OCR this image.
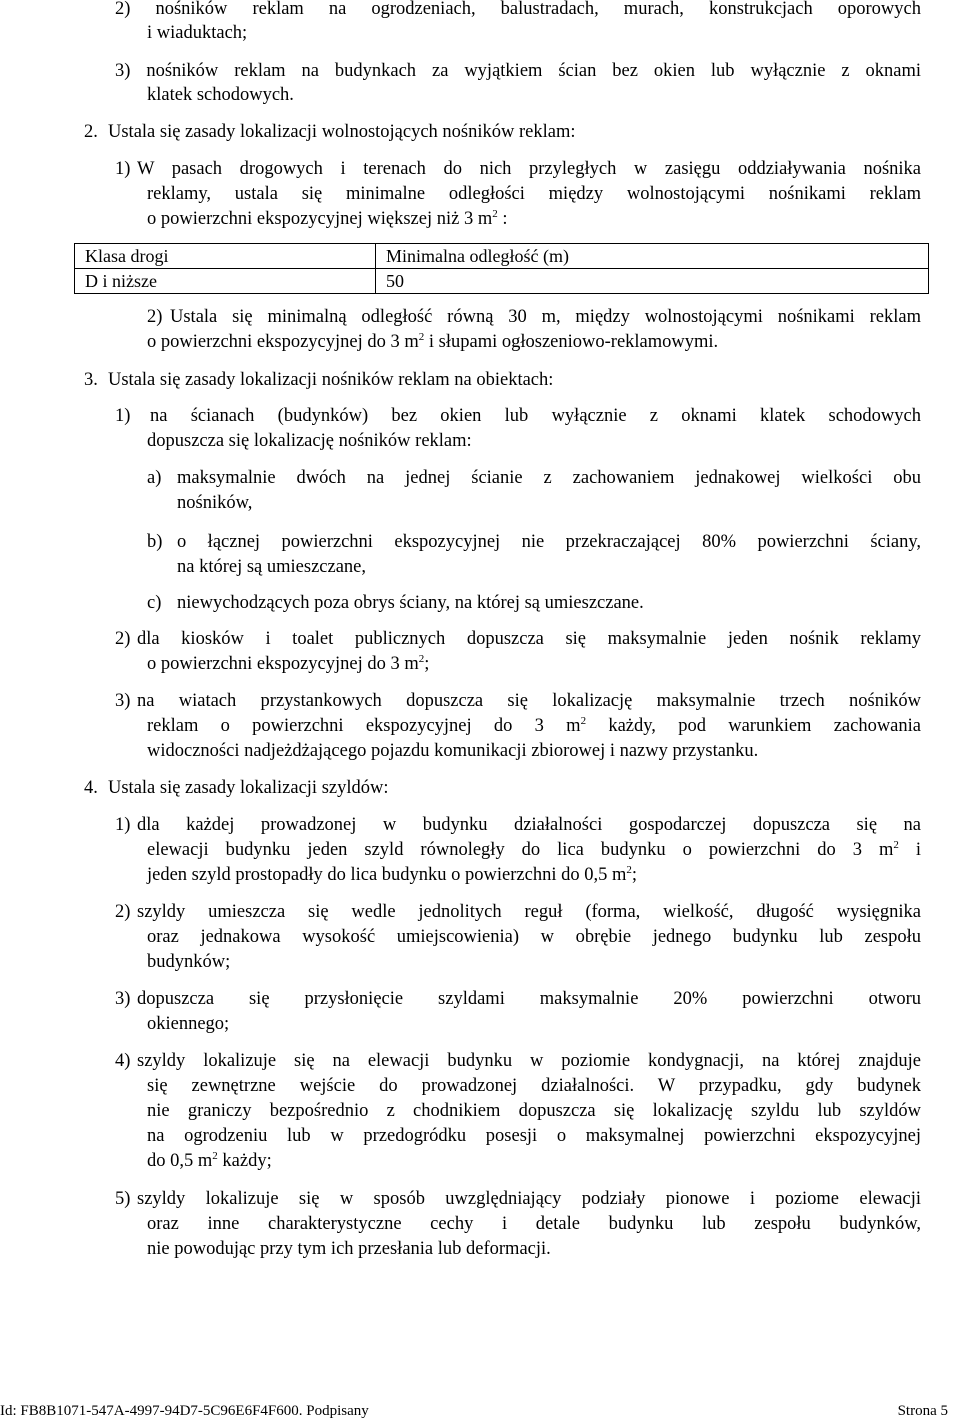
2) nośników reklam na ogrodzeniach, balustradach, murach, konstrukcjach oporowych

i wiaduktach;

3) nośników reklam na budynkach za wyjątkiem ścian bez okien lub wyłącznie z oknami

klatek schodowych.

2. Ustala się zasady lokalizacji wolnostojących nośników reklam:

1) W pasach drogowych i terenach do nich przyległych w zasięgu oddziaływania nośnika

reklamy, ustala się minimalne odległości między wolnostojącymi nośnikami reklam

o powierzchni ekspozycyjnej większej niż 3 $m^2$ :

Klasa drogi	Minimalna odległość (m)
D i niższe	50

2) Ustala się minimalną odległość równą 30 m, między wolnostojącymi nośnikami reklam

o powierzchni ekspozycyjnej do 3 $m^2$ i słupami ogłoszeniowo-reklamowymi.

3. Ustala się zasady lokalizacji nośników reklam na obiektach:

1) na ścianach (budynków) bez okien lub wyłącznie z oknami klatek schodowych

dopuszcza się lokalizację nośników reklam:

a) maksymalnie dwóch na jednej ścianie z zachowaniem jednakowej wielkości obu

nośników,

b) o łącznej powierzchni ekspozycyjnej nie przekraczającej 80% powierzchni ściany,

na której są umieszczane,

c) niewychodzących poza obrys ściany, na której są umieszczane.

2) dla kiosków i toalet publicznych dopuszcza się maksymalnie jeden nośnik reklamy

o powierzchni ekspozycyjnej do 3 $m^2$;

3) na wiatach przystankowych dopuszcza się lokalizację maksymalnie trzech nośników

reklam o powierzchni ekspozycyjnej do 3 $m^2$ każdy, pod warunkiem zachowania

widoczności nadjeżdżającego pojazdu komunikacji zbiorowej i nazwy przystanku.

4. Ustala się zasady lokalizacji szyldów:

1) dla każdej prowadzonej w budynku działalności gospodarczej dopuszcza się na

elewacji budynku jeden szyld równoległy do lica budynku o powierzchni do 3 $m^2$ i

jeden szyld prostopadły do lica budynku o powierzchni do 0,5 $m^2$;

2) szyldy umieszcza się wedle jednolitych reguł (forma, wielkość, długość wysięgnika

oraz jednakowa wysokość umiejscowienia) w obrębie jednego budynku lub zespołu

budynków;

3) dopuszcza się przysłonięcie szyldami maksymalnie 20% powierzchni otworu

okiennego;

4) szyldy lokalizuje się na elewacji budynku w poziomie kondygnacji, na której znajduje

się zewnętrzne wejście do prowadzonej działalności. W przypadku, gdy budynek

nie graniczy bezpośrednio z chodnikiem dopuszcza się lokalizację szyldu lub szyldów

na ogrodzeniu lub w przedogródku posesji o maksymalnej powierzchni ekspozycyjnej

do 0,5 $m^2$ każdy;

5) szyldy lokalizuje się w sposób uwzględniający podziały pionowe i poziome elewacji

oraz inne charakterystyczne cechy i detale budynku lub zespołu budynków,

nie powodując przy tym ich przesłania lub deformacji.

Id: FB8B1071-547A-4997-94D7-5C96E6F4F600. Podpisany	Strona 5
